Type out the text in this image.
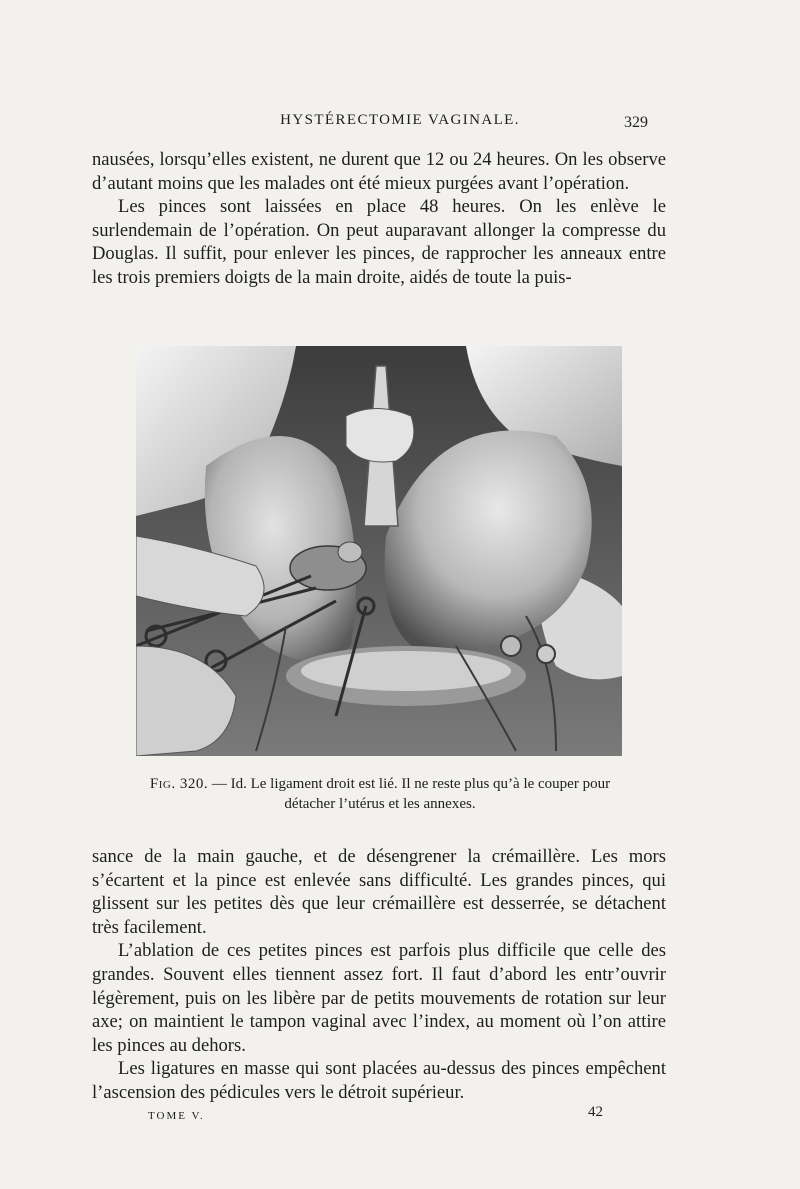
HYSTÉRECTOMIE VAGINALE.	329

nausées, lorsqu’elles existent, ne durent que 12 ou 24 heures. On les observe d’autant moins que les malades ont été mieux purgées avant l’opération.

Les pinces sont laissées en place 48 heures. On les enlève le surlendemain de l’opération. On peut auparavant allonger la compresse du Douglas. Il suffit, pour enlever les pinces, de rapprocher les anneaux entre les trois premiers doigts de la main droite, aidés de toute la puis-

Fig. 320. — Id. Le ligament droit est lié. Il ne reste plus qu’à le couper pour détacher l’utérus et les annexes.

sance de la main gauche, et de désengrener la crémaillère. Les mors s’écartent et la pince est enlevée sans difficulté. Les grandes pinces, qui glissent sur les petites dès que leur crémaillère est desserrée, se détachent très facilement.

L’ablation de ces petites pinces est parfois plus difficile que celle des grandes. Souvent elles tiennent assez fort. Il faut d’abord les entr’ouvrir légèrement, puis on les libère par de petits mouvements de rotation sur leur axe; on maintient le tampon vaginal avec l’index, au moment où l’on attire les pinces au dehors.

Les ligatures en masse qui sont placées au-dessus des pinces empêchent l’ascension des pédicules vers le détroit supérieur.

TOME V.	42
